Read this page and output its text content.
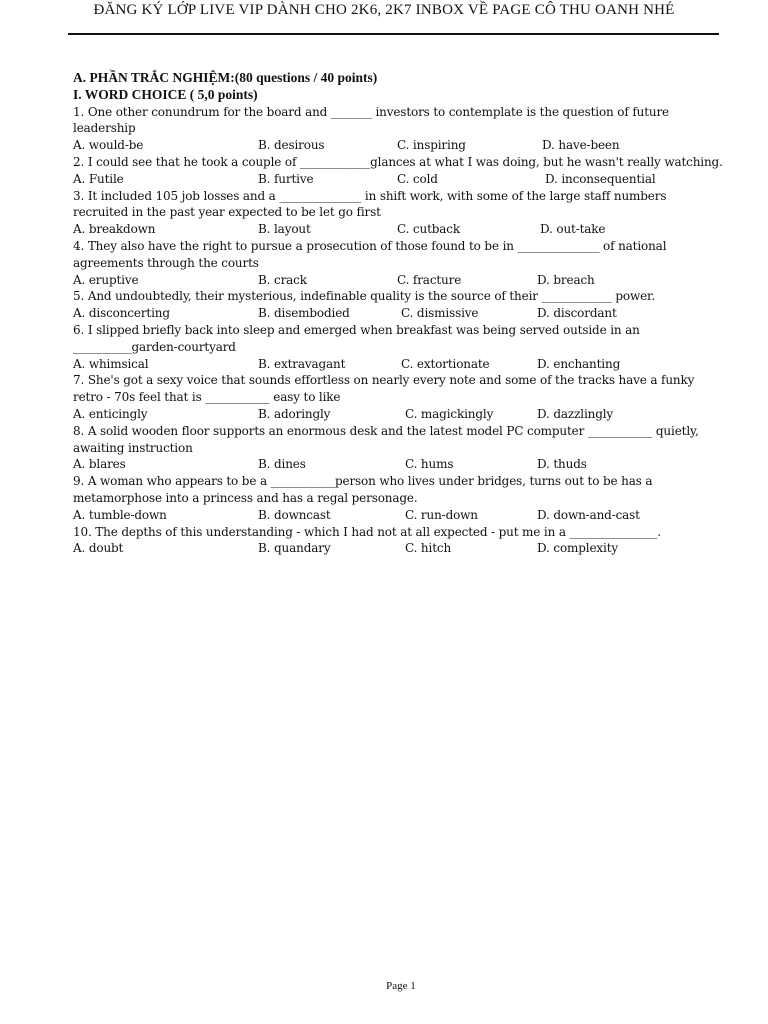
ĐĂNG KÝ LỚP LIVE VIP DÀNH CHO 2K6, 2K7 INBOX VỀ PAGE CÔ THU OANH NHÉ
A. PHẦN TRẮC NGHIỆM:(80 questions / 40 points)
I. WORD CHOICE ( 5,0 points)
1. One other conundrum for the board and _______ investors to contemplate is the question of future leadership
A. would-be	B. desirous	C. inspiring	D. have-been
2. I could see that he took a couple of ____________glances at what I was doing, but he wasn't really watching.
A. Futile	B. furtive	C. cold	D. inconsequential
3. It included 105 job losses and a ______________ in shift work, with some of the large staff numbers recruited in the past year expected to be let go first
A. breakdown	B. layout	C. cutback	D. out-take
4. They also have the right to pursue a prosecution of those found to be in ______________ of national agreements through the courts
A. eruptive	B. crack	C. fracture	D. breach
5. And undoubtedly, their mysterious, indefinable quality is the source of their ____________ power.
A. disconcerting	B. disembodied	C. dismissive	D. discordant
6. I slipped briefly back into sleep and emerged when breakfast was being served outside in an __________garden-courtyard
A. whimsical	B. extravagant	C. extortionate	D. enchanting
7. She's got a sexy voice that sounds effortless on nearly every note and some of the tracks have a funky retro - 70s feel that is ___________ easy to like
A. enticingly	B. adoringly	C. magickingly	D. dazzlingly
8. A solid wooden floor supports an enormous desk and the latest model PC computer ___________ quietly, awaiting instruction
A. blares	B. dines	C. hums	D. thuds
9. A woman who appears to be a ___________person who lives under bridges, turns out to be has a metamorphose into a princess and has a regal personage.
A. tumble-down	B. downcast	C. run-down	D. down-and-cast
10. The depths of this understanding - which I had not at all expected - put me in a _______________.
A. doubt	B. quandary	C. hitch	D. complexity
Page 1
